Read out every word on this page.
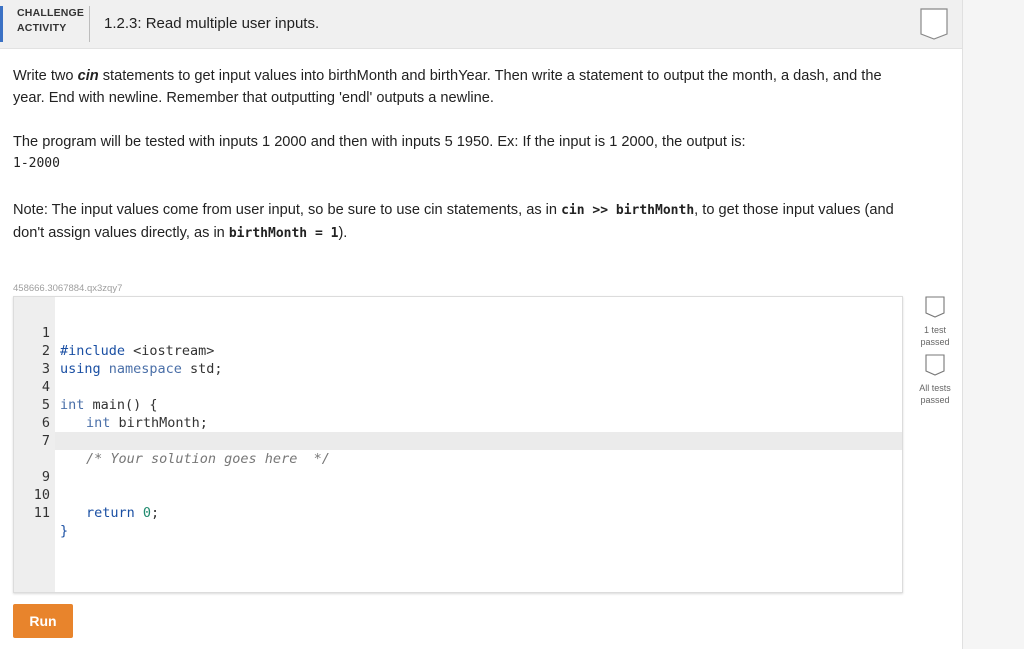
CHALLENGE
ACTIVITY	1.2.3: Read multiple user inputs.
Write two cin statements to get input values into birthMonth and birthYear. Then write a statement to output the month, a dash, and the year. End with newline. Remember that outputting 'endl' outputs a newline.
The program will be tested with inputs 1 2000 and then with inputs 5 1950. Ex: If the input is 1 2000, the output is:
1-2000
Note: The input values come from user input, so be sure to use cin statements, as in cin >> birthMonth, to get those input values (and don't assign values directly, as in birthMonth = 1).
458666.3067884.qx3zqy7

1

#include <iostream>

2

using namespace std;

3

4

int main() {

5

int birthMonth;

6

7

/* Your solution goes here  */

9

10

return 0;

11

}

Run
1 test
passed
All tests
passed
